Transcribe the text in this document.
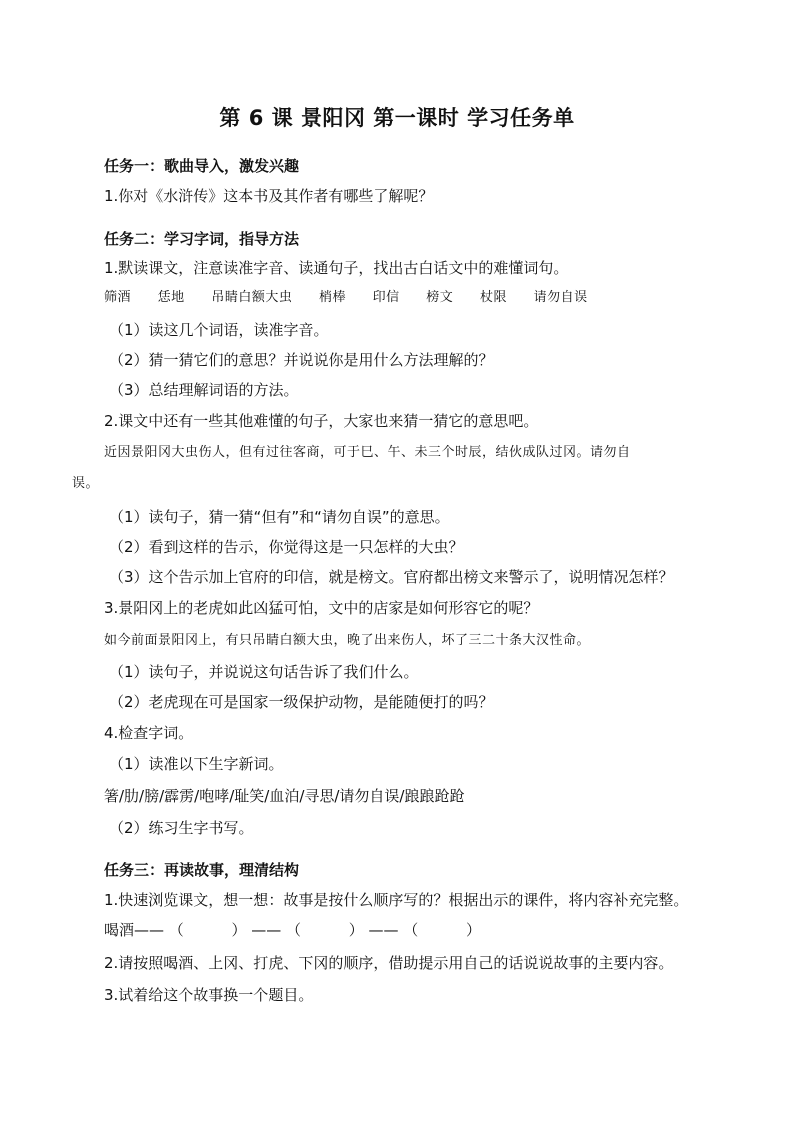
第 6 课 景阳冈 第一课时 学习任务单
任务一：歌曲导入，激发兴趣
1.你对《水浒传》这本书及其作者有哪些了解呢？
任务二：学习字词，指导方法
1.默读课文，注意读准字音、读通句子，找出古白话文中的难懂词句。
筛酒 恁地 吊睛白额大虫 梢棒 印信 榜文 杖限 请勿自误
（1）读这几个词语，读准字音。
（2）猜一猜它们的意思？并说说你是用什么方法理解的？
（3）总结理解词语的方法。
2.课文中还有一些其他难懂的句子，大家也来猜一猜它的意思吧。
近因景阳冈大虫伤人，但有过往客商，可于巳、午、未三个时辰，结伙成队过冈。请勿自
误。
（1）读句子，猜一猜“但有”和“请勿自误”的意思。
（2）看到这样的告示，你觉得这是一只怎样的大虫？
（3）这个告示加上官府的印信，就是榜文。官府都出榜文来警示了，说明情况怎样？
3.景阳冈上的老虎如此凶猛可怕，文中的店家是如何形容它的呢？
如今前面景阳冈上，有只吊睛白额大虫，晚了出来伤人，坏了三二十条大汉性命。
（1）读句子，并说说这句话告诉了我们什么。
（2）老虎现在可是国家一级保护动物，是能随便打的吗？
4.检查字词。
（1）读准以下生字新词。
箸/肋/膀/霹雳/咆哮/耻笑/血泊/寻思/请勿自误/踉踉跄跄
（2）练习生字书写。
任务三：再读故事，理清结构
1.快速浏览课文，想一想：故事是按什么顺序写的？根据出示的课件，将内容补充完整。
喝酒—— （          ） —— （          ） —— （          ）
2.请按照喝酒、上冈、打虎、下冈的顺序，借助提示用自己的话说说故事的主要内容。
3.试着给这个故事换一个题目。
